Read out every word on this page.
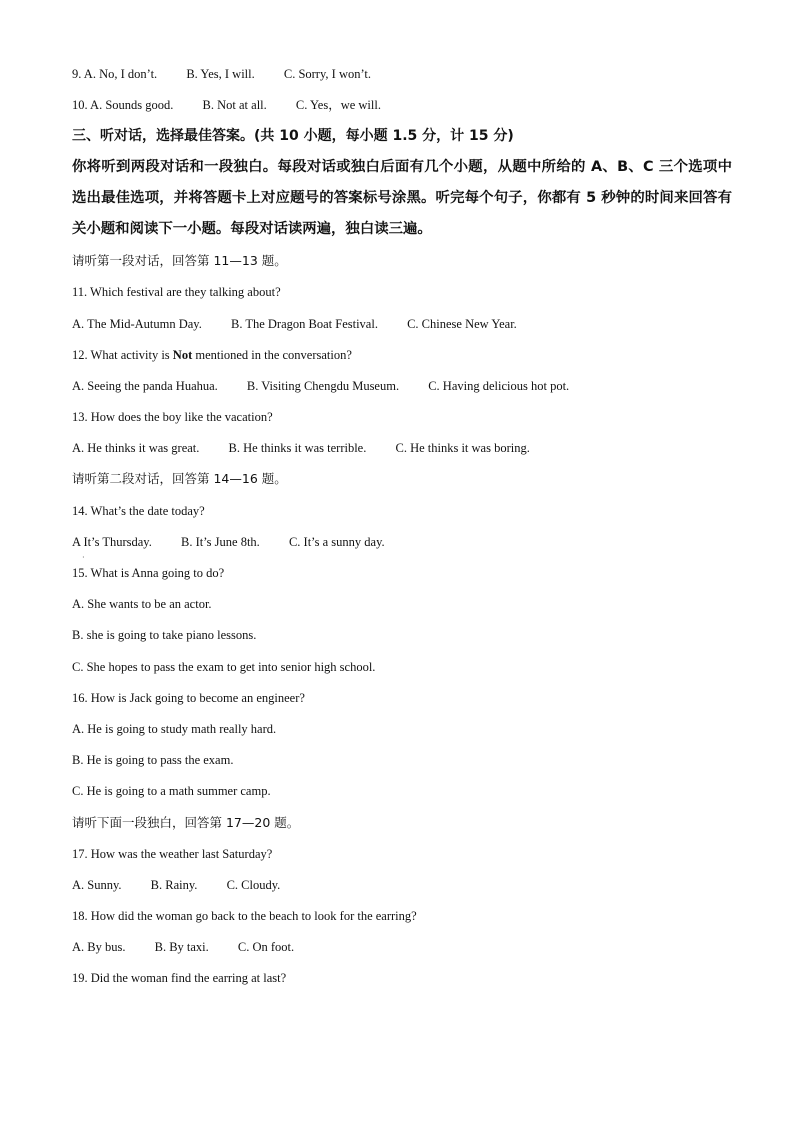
9. A. No, I don’t. B. Yes, I will. C. Sorry, I won’t.
10. A. Sounds good. B. Not at all. C. Yes，we will.
三、听对话，选择最佳答案。(共 10 小题，每小题 1.5 分，计 15 分)
你将听到两段对话和一段独白。每段对话或独白后面有几个小题，从题中所给的 A、B、C 三个选项中选出最佳选项，并将答题卡上对应题号的答案标号涂黑。听完每个句子，你都有 5 秒钟的时间来回答有关小题和阅读下一小题。每段对话读两遍，独白读三遍。
请听第一段对话，回答第 11—13 题。
11. Which festival are they talking about?
A. The Mid-Autumn Day. B. The Dragon Boat Festival. C. Chinese New Year.
12. What activity is Not mentioned in the conversation?
A. Seeing the panda Huahua. B. Visiting Chengdu Museum. C. Having delicious hot pot.
13. How does the boy like the vacation?
A. He thinks it was great. B. He thinks it was terrible. C. He thinks it was boring.
请听第二段对话，回答第 14—16 题。
14. What’s the date today?
A It’s Thursday. B. It’s June 8th. C. It’s a sunny day.
·
15. What is Anna going to do?
A. She wants to be an actor.
B. she is going to take piano lessons.
C. She hopes to pass the exam to get into senior high school.
16. How is Jack going to become an engineer?
A. He is going to study math really hard.
B. He is going to pass the exam.
C. He is going to a math summer camp.
请听下面一段独白，回答第 17—20 题。
17. How was the weather last Saturday?
A. Sunny. B. Rainy. C. Cloudy.
18. How did the woman go back to the beach to look for the earring?
A. By bus. B. By taxi. C. On foot.
19. Did the woman find the earring at last?
